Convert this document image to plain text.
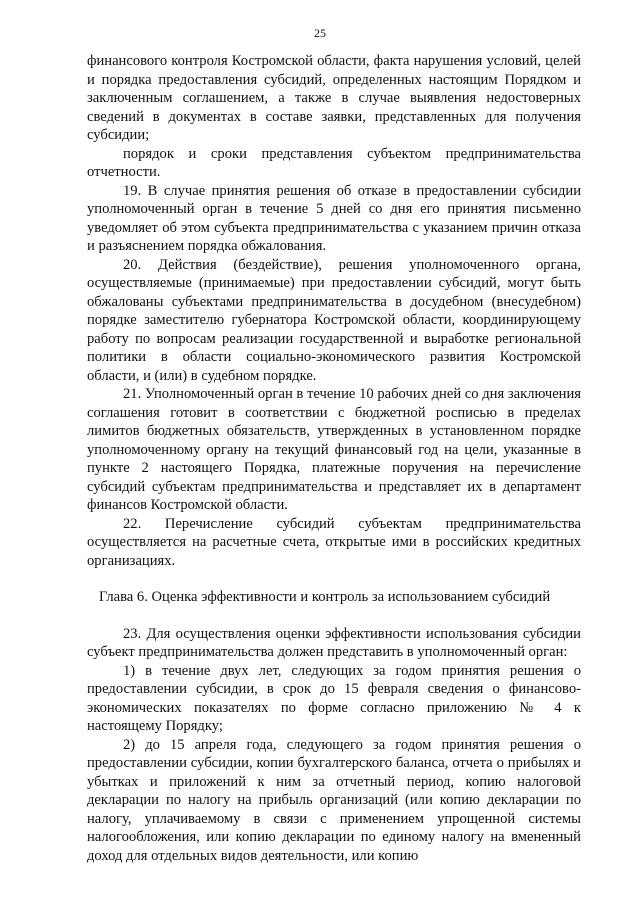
25

финансового контроля Костромской области, факта нарушения условий, целей и порядка предоставления субсидий, определенных настоящим Порядком и заключенным соглашением, а также в случае выявления недостоверных сведений в документах в составе заявки, представленных для получения субсидии;

порядок и сроки представления субъектом предпринимательства отчетности.

19. В случае принятия решения об отказе в предоставлении субсидии уполномоченный орган в течение 5 дней со дня его принятия письменно уведомляет об этом субъекта предпринимательства с указанием причин отказа и разъяснением порядка обжалования.

20. Действия (бездействие), решения уполномоченного органа, осуществляемые (принимаемые) при предоставлении субсидий, могут быть обжалованы субъектами предпринимательства в досудебном (внесудебном) порядке заместителю губернатора Костромской области, координирующему работу по вопросам реализации государственной и выработке региональной политики в области социально-экономического развития Костромской области, и (или) в судебном порядке.

21. Уполномоченный орган в течение 10 рабочих дней со дня заключения соглашения готовит в соответствии с бюджетной росписью в пределах лимитов бюджетных обязательств, утвержденных в установленном порядке уполномоченному органу на текущий финансовый год на цели, указанные в пункте 2 настоящего Порядка, платежные поручения на перечисление субсидий субъектам предпринимательства и представляет их в департамент финансов Костромской области.

22. Перечисление субсидий субъектам предпринимательства осуществляется на расчетные счета, открытые ими в российских кредитных организациях.

Глава 6. Оценка эффективности и контроль за использованием субсидий

23. Для осуществления оценки эффективности использования субсидии субъект предпринимательства должен представить в уполномоченный орган:

1) в течение двух лет, следующих за годом принятия решения о предоставлении субсидии, в срок до 15 февраля сведения о финансово-экономических показателях по форме согласно приложению № 4 к настоящему Порядку;

2) до 15 апреля года, следующего за годом принятия решения о предоставлении субсидии, копии бухгалтерского баланса, отчета о прибылях и убытках и приложений к ним за отчетный период, копию налоговой декларации по налогу на прибыль организаций (или копию декларации по налогу, уплачиваемому в связи с применением упрощенной системы налогообложения, или копию декларации по единому налогу на вмененный доход для отдельных видов деятельности, или копию
